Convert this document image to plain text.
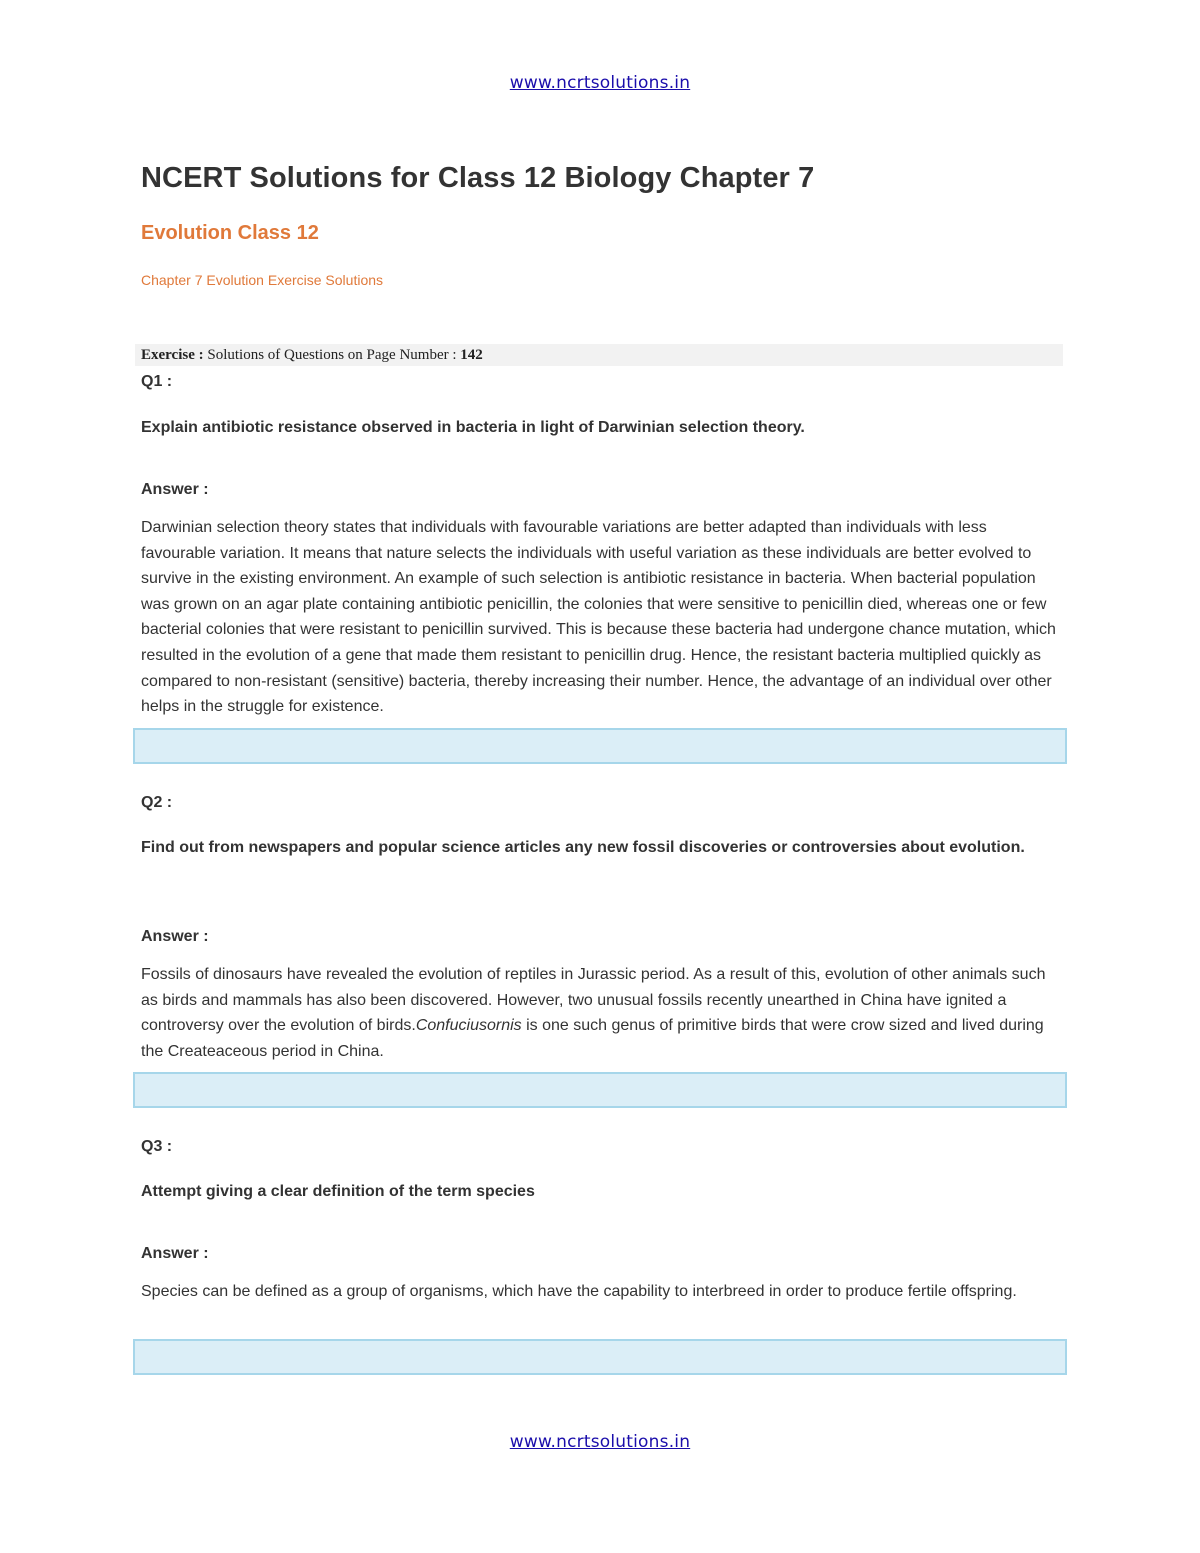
www.ncrtsolutions.in
NCERT Solutions for Class 12 Biology Chapter 7
Evolution Class 12
Chapter 7 Evolution Exercise Solutions
Exercise : Solutions of Questions on Page Number : 142
Q1 :
Explain antibiotic resistance observed in bacteria in light of Darwinian selection theory.
Answer :
Darwinian selection theory states that individuals with favourable variations are better adapted than individuals with less favourable variation. It means that nature selects the individuals with useful variation as these individuals are better evolved to survive in the existing environment. An example of such selection is antibiotic resistance in bacteria. When bacterial population was grown on an agar plate containing antibiotic penicillin, the colonies that were sensitive to penicillin died, whereas one or few bacterial colonies that were resistant to penicillin survived. This is because these bacteria had undergone chance mutation, which resulted in the evolution of a gene that made them resistant to penicillin drug. Hence, the resistant bacteria multiplied quickly as compared to non-resistant (sensitive) bacteria, thereby increasing their number. Hence, the advantage of an individual over other helps in the struggle for existence.
Q2 :
Find out from newspapers and popular science articles any new fossil discoveries or controversies about evolution.
Answer :
Fossils of dinosaurs have revealed the evolution of reptiles in Jurassic period. As a result of this, evolution of other animals such as birds and mammals has also been discovered. However, two unusual fossils recently unearthed in China have ignited a controversy over the evolution of birds.Confuciusornis is one such genus of primitive birds that were crow sized and lived during the Createaceous period in China.
Q3 :
Attempt giving a clear definition of the term species
Answer :
Species can be defined as a group of organisms, which have the capability to interbreed in order to produce fertile offspring.
www.ncrtsolutions.in
